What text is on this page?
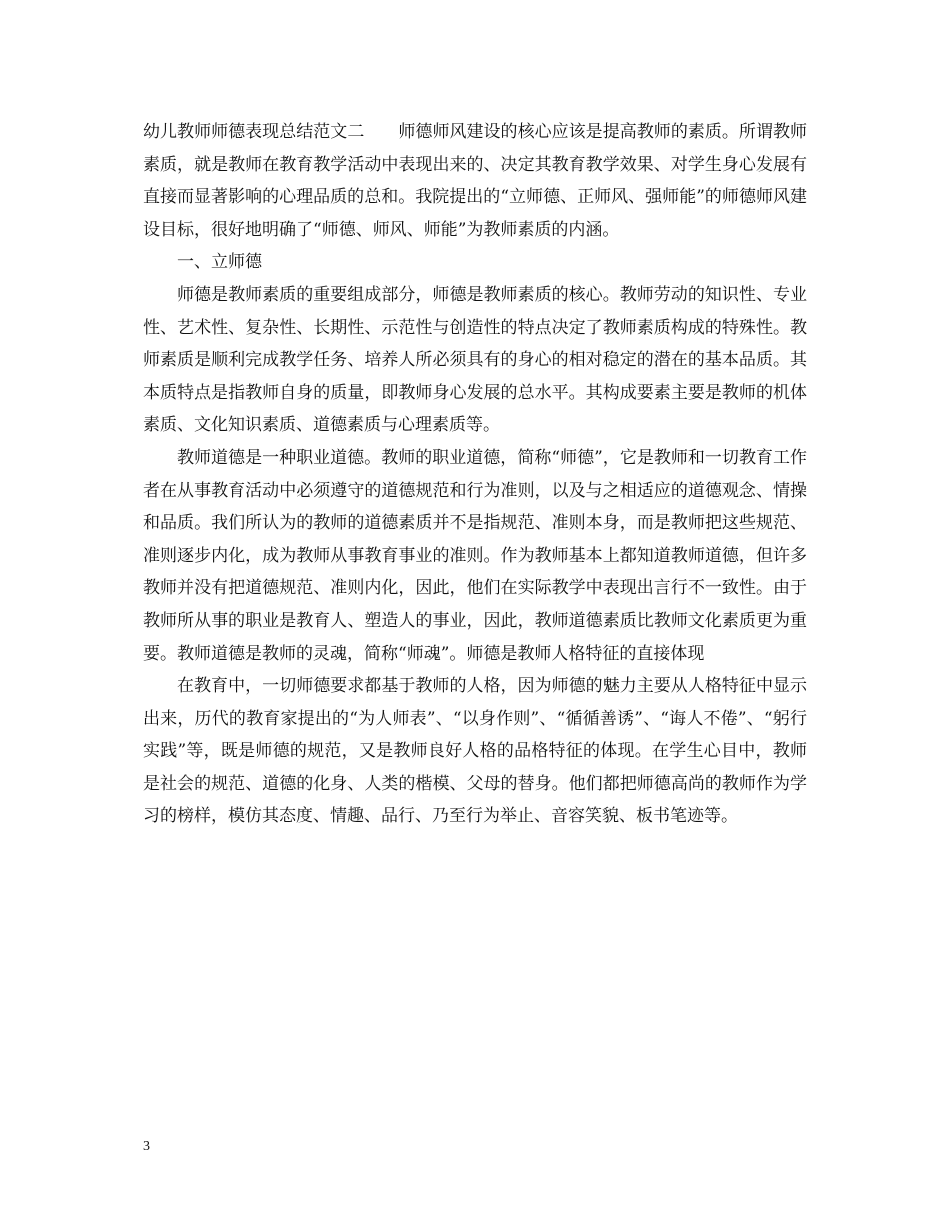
幼儿教师师德表现总结范文二　　师德师风建设的核心应该是提高教师的素质。所谓教师素质，就是教师在教育教学活动中表现出来的、决定其教育教学效果、对学生身心发展有直接而显著影响的心理品质的总和。我院提出的“立师德、正师风、强师能”的师德师风建设目标，很好地明确了“师德、师风、师能”为教师素质的内涵。

一、立师德

师德是教师素质的重要组成部分，师德是教师素质的核心。教师劳动的知识性、专业性、艺术性、复杂性、长期性、示范性与创造性的特点决定了教师素质构成的特殊性。教师素质是顺利完成教学任务、培养人所必须具有的身心的相对稳定的潜在的基本品质。其本质特点是指教师自身的质量，即教师身心发展的总水平。其构成要素主要是教师的机体素质、文化知识素质、道德素质与心理素质等。

教师道德是一种职业道德。教师的职业道德，简称“师德”，它是教师和一切教育工作者在从事教育活动中必须遵守的道德规范和行为准则，以及与之相适应的道德观念、情操和品质。我们所认为的教师的道德素质并不是指规范、准则本身，而是教师把这些规范、准则逐步内化，成为教师从事教育事业的准则。作为教师基本上都知道教师道德，但许多教师并没有把道德规范、准则内化，因此，他们在实际教学中表现出言行不一致性。由于教师所从事的职业是教育人、塑造人的事业，因此，教师道德素质比教师文化素质更为重要。教师道德是教师的灵魂，简称“师魂”。师德是教师人格特征的直接体现

在教育中，一切师德要求都基于教师的人格，因为师德的魅力主要从人格特征中显示出来，历代的教育家提出的“为人师表”、“以身作则”、“循循善诱”、“诲人不倦”、“躬行实践”等，既是师德的规范，又是教师良好人格的品格特征的体现。在学生心目中，教师是社会的规范、道德的化身、人类的楷模、父母的替身。他们都把师德高尚的教师作为学习的榜样，模仿其态度、情趣、品行、乃至行为举止、音容笑貌、板书笔迹等。

3
